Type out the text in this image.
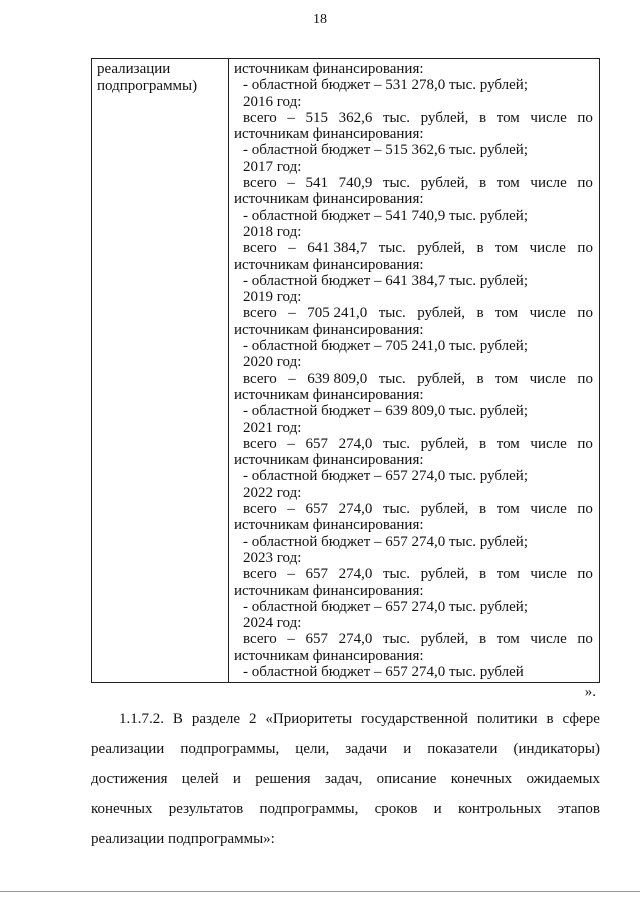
18
реализации
подпрограммы)

источникам финансирования:
- областной бюджет – 531 278,0 тыс. рублей;
2016 год:
всего – 515 362,6 тыс. рублей, в том числе по
источникам финансирования:
- областной бюджет – 515 362,6 тыс. рублей;
2017 год:
всего – 541 740,9 тыс. рублей, в том числе по
источникам финансирования:
- областной бюджет – 541 740,9 тыс. рублей;
2018 год:
всего – 641 384,7 тыс. рублей, в том числе по
источникам финансирования:
- областной бюджет – 641 384,7 тыс. рублей;
2019 год:
всего – 705 241,0 тыс. рублей, в том числе по
источникам финансирования:
- областной бюджет – 705 241,0 тыс. рублей;
2020 год:
всего – 639 809,0 тыс. рублей, в том числе по
источникам финансирования:
- областной бюджет – 639 809,0 тыс. рублей;
2021 год:
всего – 657 274,0 тыс. рублей, в том числе по
источникам финансирования:
- областной бюджет – 657 274,0 тыс. рублей;
2022 год:
всего – 657 274,0 тыс. рублей, в том числе по
источникам финансирования:
- областной бюджет – 657 274,0 тыс. рублей;
2023 год:
всего – 657 274,0 тыс. рублей, в том числе по
источникам финансирования:
- областной бюджет – 657 274,0 тыс. рублей;
2024 год:
всего – 657 274,0 тыс. рублей, в том числе по
источникам финансирования:
- областной бюджет – 657 274,0 тыс. рублей
».
1.1.7.2. В разделе 2 «Приоритеты государственной политики в сфере
реализации подпрограммы, цели, задачи и показатели (индикаторы)
достижения целей и решения задач, описание конечных ожидаемых
конечных результатов подпрограммы, сроков и контрольных этапов
реализации подпрограммы»:
